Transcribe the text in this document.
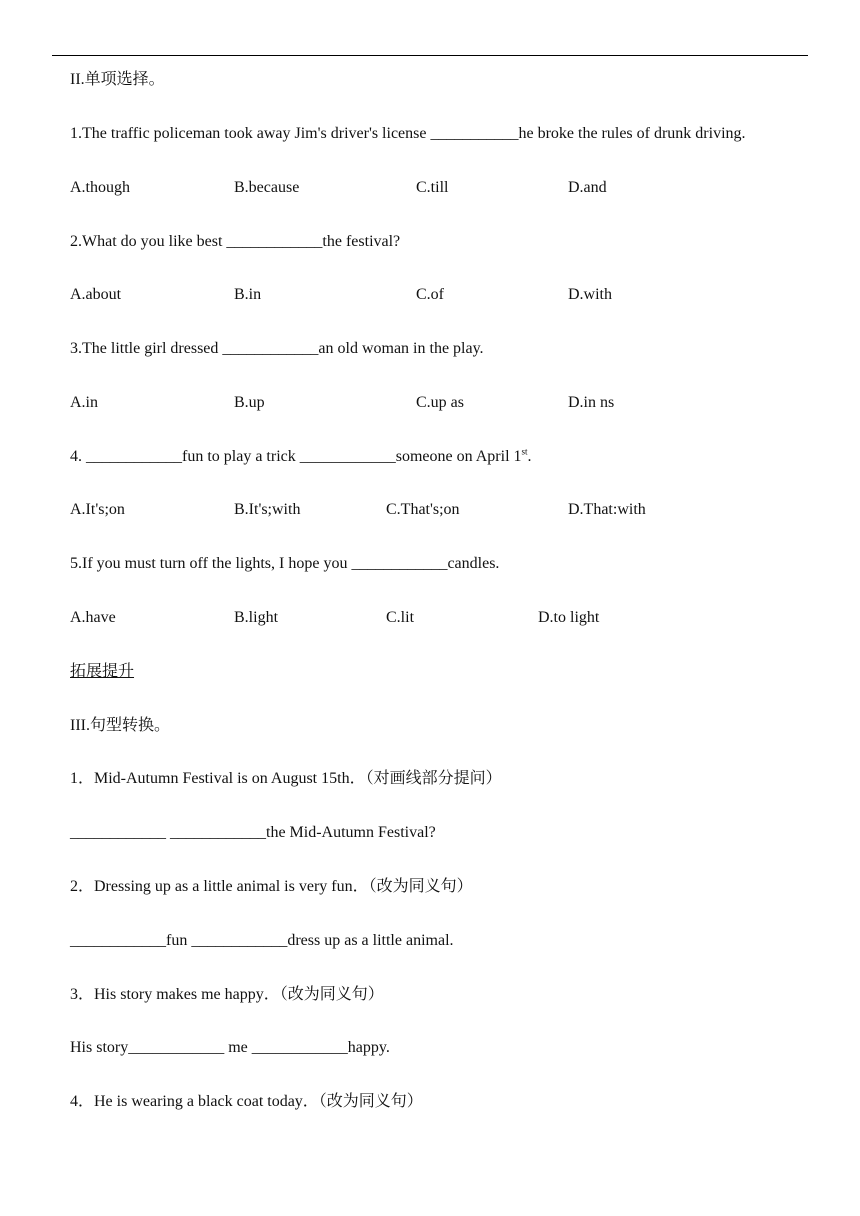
II.单项选择。
1.The traffic policeman took away Jim's driver's license ___________he broke the rules of drunk driving.
A.though	B.because	C.till	D.and
2.What do you like best ____________the festival?
A.about	B.in	C.of	D.with
3.The little girl dressed ____________an old woman in the play.
A.in	B.up	C.up as	D.in ns
4. ____________fun to play a trick ____________someone on April 1st.
A.It's;on	B.It's;with	C.That's;on	D.That:with
5.If you must turn off the lights, I hope you ____________candles.
A.have	B.light	C.lit	D.to light
拓展提升
III.句型转换。
1．Mid-Autumn Festival is on August 15th．（对画线部分提问）
____________ ____________the Mid-Autumn Festival?
2．Dressing up as a little animal is very fun．（改为同义句）
____________fun ____________dress up as a little animal.
3．His story makes me happy．（改为同义句）
His story____________ me ____________happy.
4．He is wearing a black coat today．（改为同义句）
